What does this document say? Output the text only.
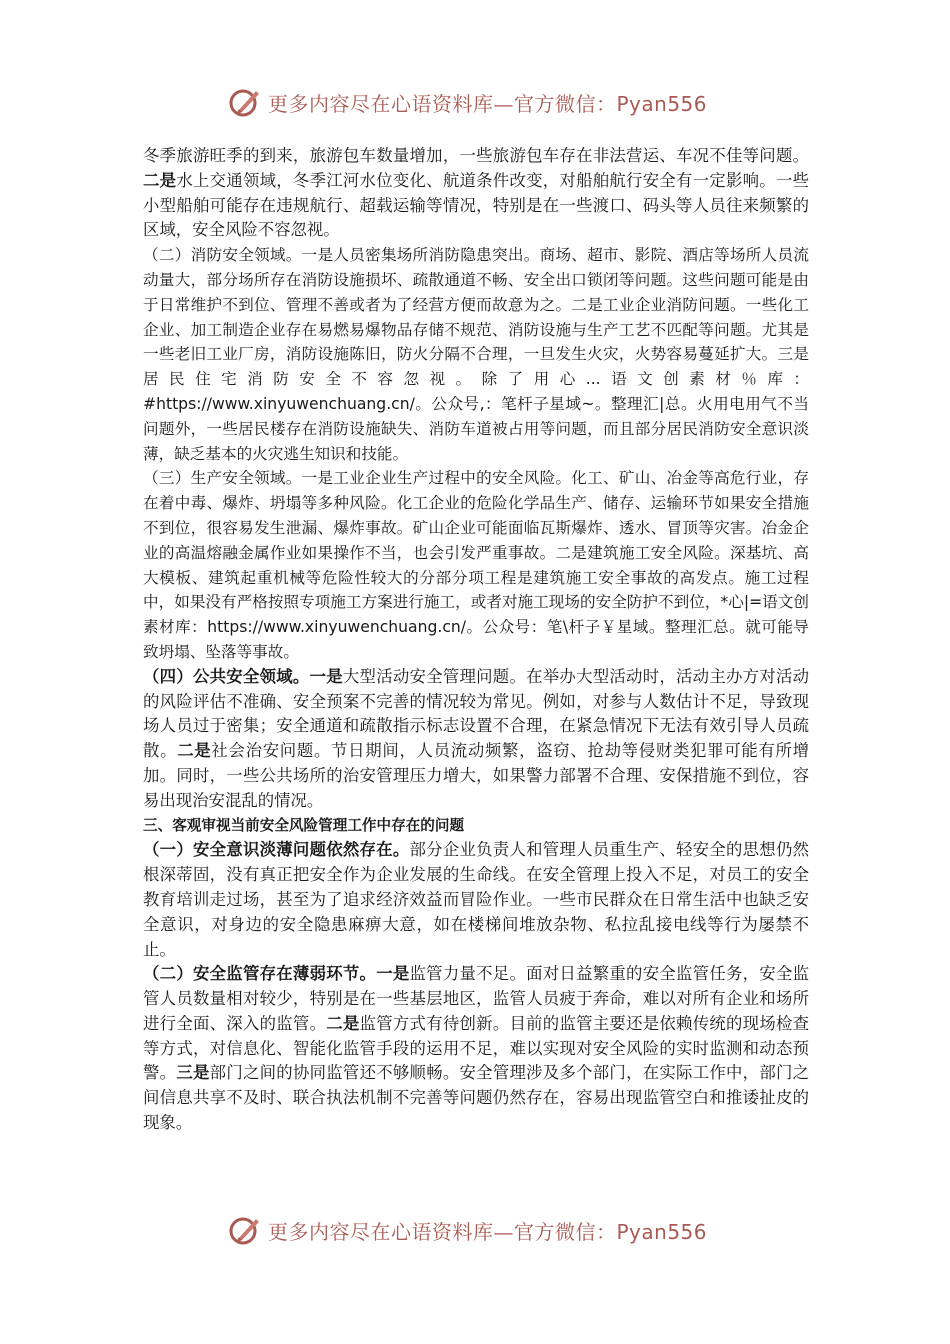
更多内容尽在心语资料库—官方微信：Pyan556

冬季旅游旺季的到来，旅游包车数量增加，一些旅游包车存在非法营运、车况不佳等问题。二是水上交通领域，冬季江河水位变化、航道条件改变，对船舶航行安全有一定影响。一些小型船舶可能存在违规航行、超载运输等情况，特别是在一些渡口、码头等人员往来频繁的区域，安全风险不容忽视。

（二）消防安全领域。一是人员密集场所消防隐患突出。商场、超市、影院、酒店等场所人员流动量大，部分场所存在消防设施损坏、疏散通道不畅、安全出口锁闭等问题。这些问题可能是由于日常维护不到位、管理不善或者为了经营方便而故意为之。二是工业企业消防问题。一些化工企业、加工制造企业存在易燃易爆物品存储不规范、消防设施与生产工艺不匹配等问题。尤其是一些老旧工业厂房，消防设施陈旧，防火分隔不合理，一旦发生火灾，火势容易蔓延扩大。三是居民住宅消防安全不容忽视。除了用心...语文创素材％库：#https://www.xinyuwenchuang.cn/。公众号,：笔杆子星域~。整理汇|总。火用电用气不当问题外，一些居民楼存在消防设施缺失、消防车道被占用等问题，而且部分居民消防安全意识淡薄，缺乏基本的火灾逃生知识和技能。

（三）生产安全领域。一是工业企业生产过程中的安全风险。化工、矿山、冶金等高危行业，存在着中毒、爆炸、坍塌等多种风险。化工企业的危险化学品生产、储存、运输环节如果安全措施不到位，很容易发生泄漏、爆炸事故。矿山企业可能面临瓦斯爆炸、透水、冒顶等灾害。冶金企业的高温熔融金属作业如果操作不当，也会引发严重事故。二是建筑施工安全风险。深基坑、高大模板、建筑起重机械等危险性较大的分部分项工程是建筑施工安全事故的高发点。施工过程中，如果没有严格按照专项施工方案进行施工，或者对施工现场的安全防护不到位，*心|=语文创素材库：https://www.xinyuwenchuang.cn/。公众号：笔\杆子￥星域。整理汇总。就可能导致坍塌、坠落等事故。

（四）公共安全领域。一是大型活动安全管理问题。在举办大型活动时，活动主办方对活动的风险评估不准确、安全预案不完善的情况较为常见。例如，对参与人数估计不足，导致现场人员过于密集；安全通道和疏散指示标志设置不合理，在紧急情况下无法有效引导人员疏散。二是社会治安问题。节日期间，人员流动频繁，盗窃、抢劫等侵财类犯罪可能有所增加。同时，一些公共场所的治安管理压力增大，如果警力部署不合理、安保措施不到位，容易出现治安混乱的情况。

三、客观审视当前安全风险管理工作中存在的问题

（一）安全意识淡薄问题依然存在。部分企业负责人和管理人员重生产、轻安全的思想仍然根深蒂固，没有真正把安全作为企业发展的生命线。在安全管理上投入不足，对员工的安全教育培训走过场，甚至为了追求经济效益而冒险作业。一些市民群众在日常生活中也缺乏安全意识，对身边的安全隐患麻痹大意，如在楼梯间堆放杂物、私拉乱接电线等行为屡禁不止。

（二）安全监管存在薄弱环节。一是监管力量不足。面对日益繁重的安全监管任务，安全监管人员数量相对较少，特别是在一些基层地区，监管人员疲于奔命，难以对所有企业和场所进行全面、深入的监管。二是监管方式有待创新。目前的监管主要还是依赖传统的现场检查等方式，对信息化、智能化监管手段的运用不足，难以实现对安全风险的实时监测和动态预警。三是部门之间的协同监管还不够顺畅。安全管理涉及多个部门，在实际工作中，部门之间信息共享不及时、联合执法机制不完善等问题仍然存在，容易出现监管空白和推诿扯皮的现象。

更多内容尽在心语资料库—官方微信：Pyan556
